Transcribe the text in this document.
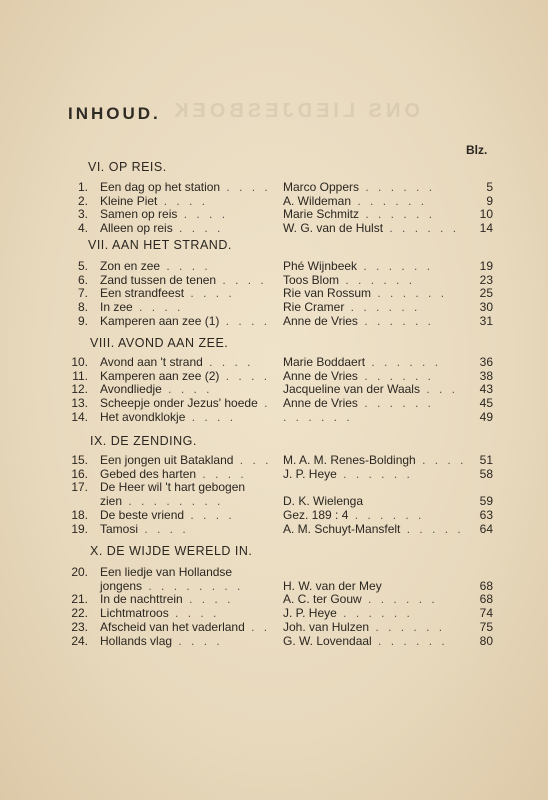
ONS LIEDJESBOEK
INHOUD.
Blz.
VI. OP REIS.
1. Een dag op het station . . . . Marco Oppers . . . . . .	5
2. Kleine Piet . . . .	A. Wildeman . . . . . .	9
3. Samen op reis . . . .	Marie Schmitz . . . . . .	10
4. Alleen op reis . . . .	W. G. van de Hulst . . . . . . 14
VII. AAN HET STRAND.
5. Zon en zee . . . .	Phé Wijnbeek . . . . . .	19
6. Zand tussen de tenen . . . . Toos Blom . . . . . .	23
7. Een strandfeest . . . .	Rie van Rossum . . . . . .	25
8. In zee . . . .	Rie Cramer . . . . . .	30
9. Kamperen aan zee (1) . . . . Anne de Vries . . . . . .	31
VIII. AVOND AAN ZEE.
10. Avond aan 't strand . . . . Marie Boddaert . . . . . .	36
11. Kamperen aan zee (2) . . . . Anne de Vries . . . . . .	38
12. Avondliedje . . . .	Jacqueline van der Waals . . . 43
13. Scheepje onder Jezus' hoede . Anne de Vries . . . . . .	45
14. Het avondklokje . . . .	. . . . . .	49
IX. DE ZENDING.
15. Een jongen uit Batakland . . . M. A. M. Renes-Boldingh . . . . 51
16. Gebed des harten . . . .	J. P. Heye . . . . . .	58
17. De Heer wil 't hart gebogen
zien . . . . . . . .	D. K. Wielenga	59
18. De beste vriend . . . .	Gez. 189 : 4 . . . . . .	63
19. Tamosi . . . .	A. M. Schuyt-Mansfelt . . . . . 64
X. DE WIJDE WERELD IN.
20. Een liedje van Hollandse
jongens . . . . . . . .	H. W. van der Mey	68
21. In de nachttrein . . . .	A. C. ter Gouw . . . . . .	68
22. Lichtmatroos . . . .	J. P. Heye . . . . . .	74
23. Afscheid van het vaderland . . Joh. van Hulzen . . . . . .	75
24. Hollands vlag . . . .	G. W. Lovendaal . . . . . .	80
